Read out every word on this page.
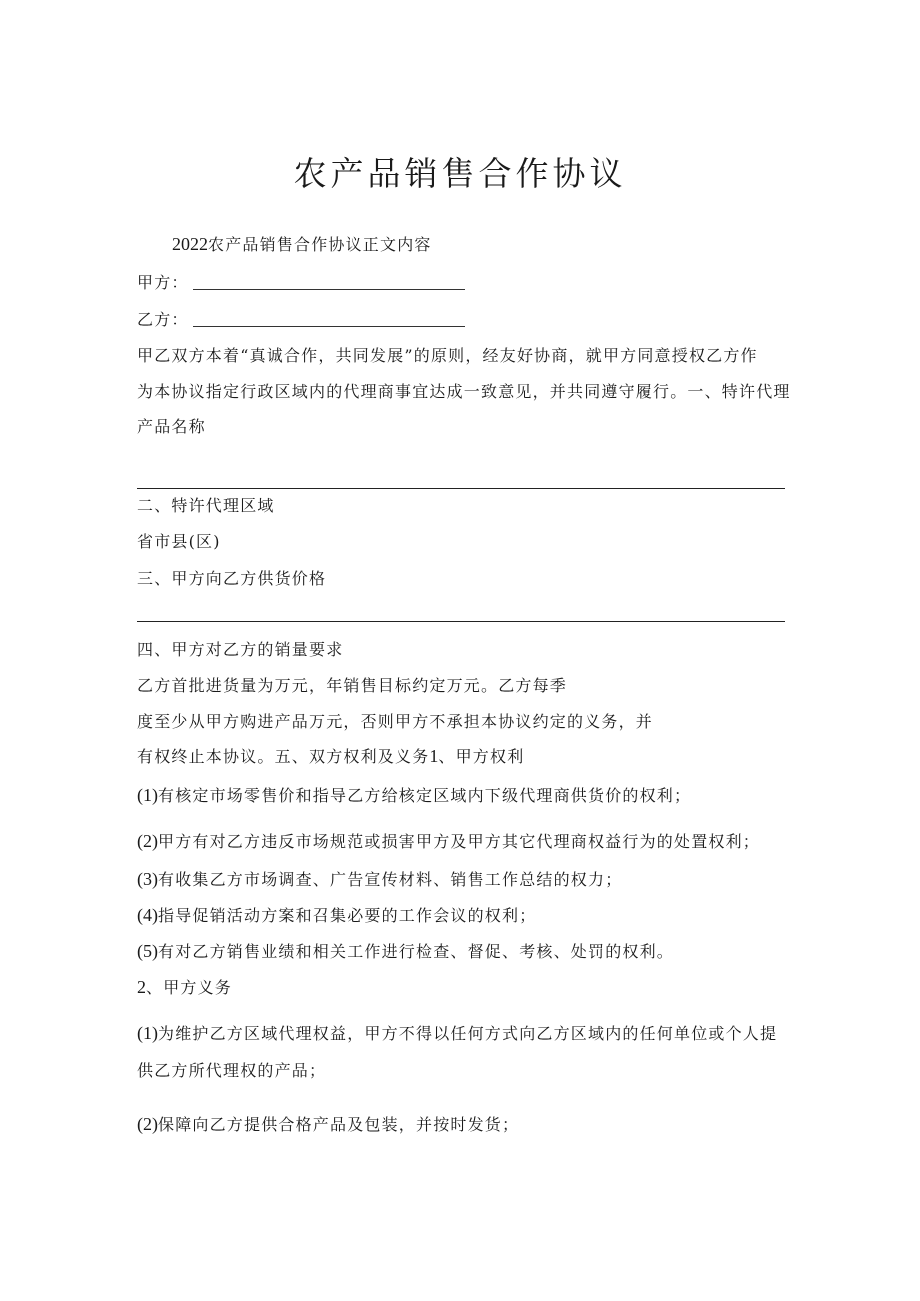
农产品销售合作协议
2022农产品销售合作协议正文内容
甲方：
乙方：
甲乙双方本着“真诚合作，共同发展”的原则，经友好协商，就甲方同意授权乙方作
为本协议指定行政区域内的代理商事宜达成一致意见，并共同遵守履行。一、特许代理
产品名称
二、特许代理区域
省市县(区)
三、甲方向乙方供货价格
四、甲方对乙方的销量要求
乙方首批进货量为万元，年销售目标约定万元。乙方每季
度至少从甲方购进产品万元，否则甲方不承担本协议约定的义务，并
有权终止本协议。五、双方权利及义务1、甲方权利
(1)有核定市场零售价和指导乙方给核定区域内下级代理商供货价的权利；
(2)甲方有对乙方违反市场规范或损害甲方及甲方其它代理商权益行为的处置权利；
(3)有收集乙方市场调查、广告宣传材料、销售工作总结的权力；
(4)指导促销活动方案和召集必要的工作会议的权利；
(5)有对乙方销售业绩和相关工作进行检查、督促、考核、处罚的权利。
2、甲方义务
(1)为维护乙方区域代理权益，甲方不得以任何方式向乙方区域内的任何单位或个人提
供乙方所代理权的产品；
(2)保障向乙方提供合格产品及包装，并按时发货；
